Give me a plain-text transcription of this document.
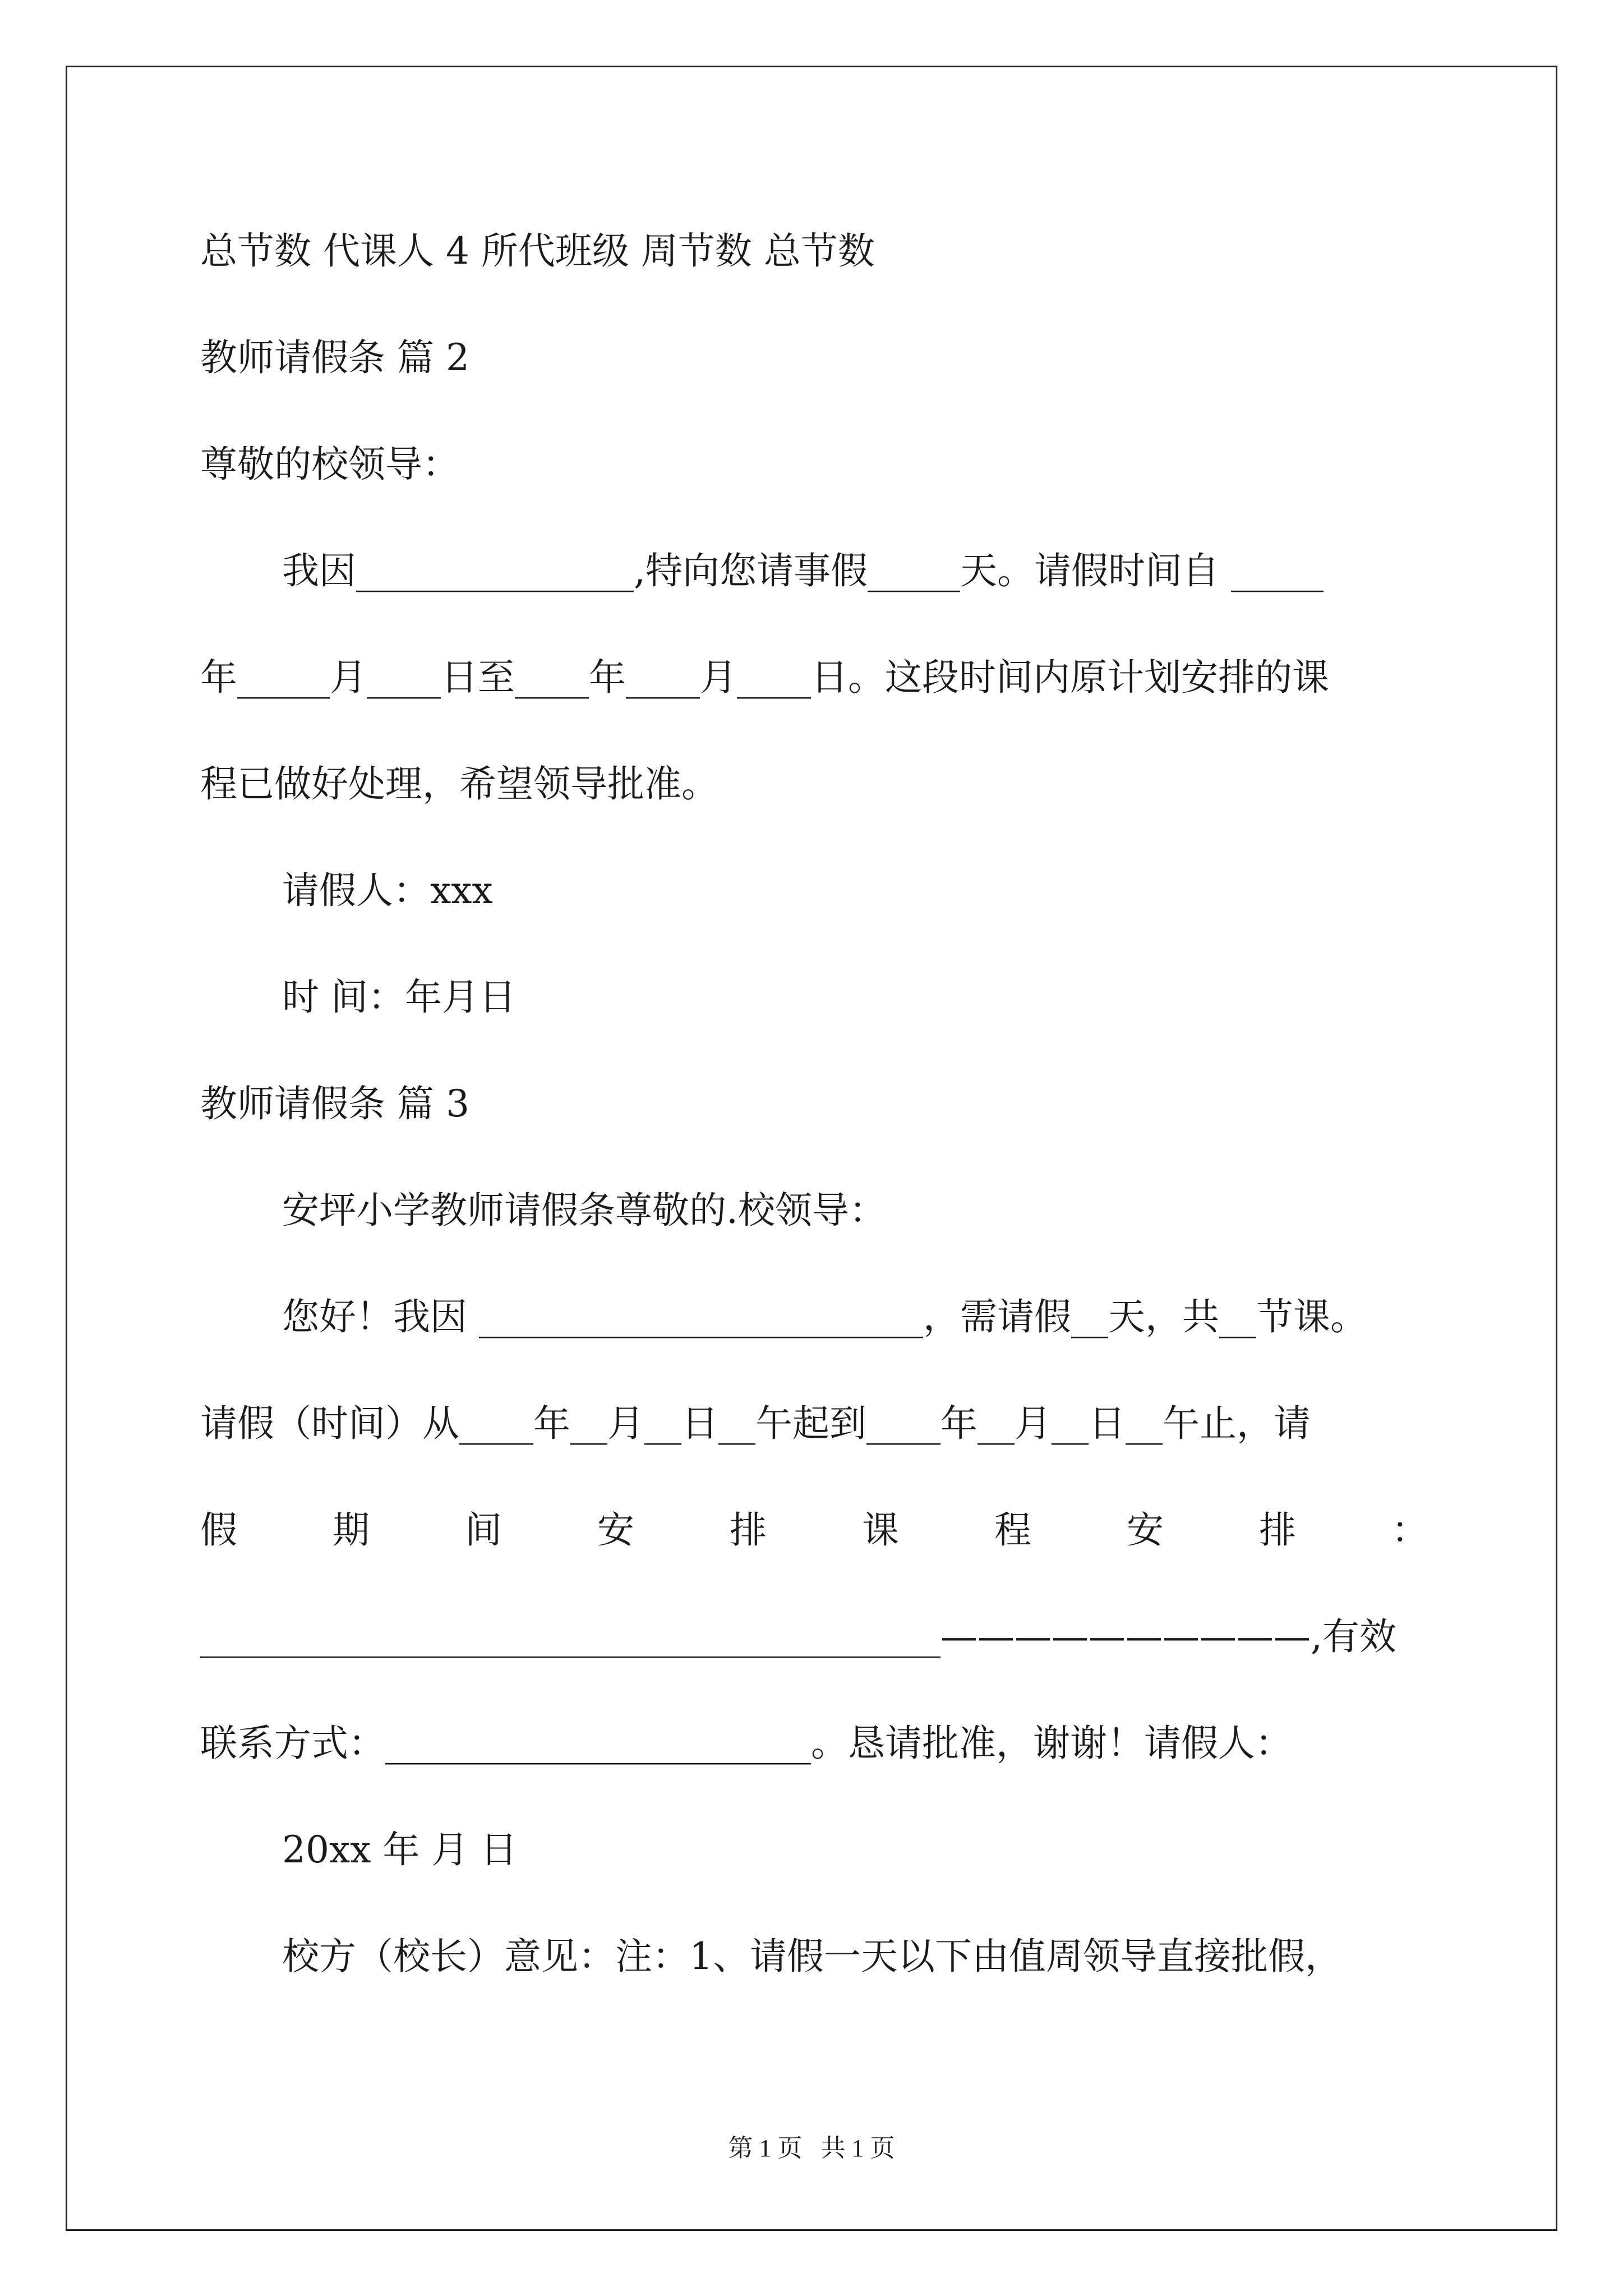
总节数 代课人 4 所代班级 周节数 总节数
教师请假条 篇 2
尊敬的校领导：
我因_______________,特向您请事假_____天。请假时间自 _____
年_____月____日至____年____月____日。这段时间内原计划安排的课
程已做好处理，希望领导批准。
请假人：xxx
时 间：年月日
教师请假条 篇 3
安坪小学教师请假条尊敬的.校领导：
您好！我因 ________________________，需请假__天，共__节课。
请假（时间）从____年__月__日__午起到____年__月__日__午止，请
假	期	间	安	排	课	程	安	排	：
________________________________________——————————,有效
联系方式：_______________________。恳请批准，谢谢！请假人：
20xx 年 月 日
校方（校长）意见：注：1、请假一天以下由值周领导直接批假，
第 1 页   共 1 页
